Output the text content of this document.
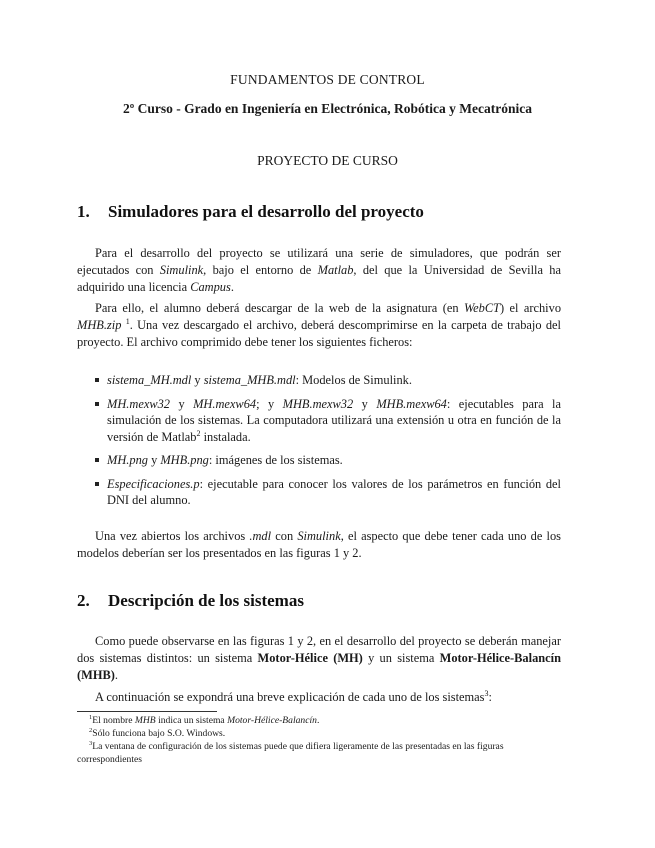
FUNDAMENTOS DE CONTROL
2º Curso - Grado en Ingeniería en Electrónica, Robótica y Mecatrónica
PROYECTO DE CURSO
1. Simuladores para el desarrollo del proyecto

Para el desarrollo del proyecto se utilizará una serie de simuladores, que podrán ser ejecutados con Simulink, bajo el entorno de Matlab, del que la Universidad de Sevilla ha adquirido una licencia Campus.

Para ello, el alumno deberá descargar de la web de la asignatura (en WebCT) el archivo MHB.zip $^1$. Una vez descargado el archivo, deberá descomprimirse en la carpeta de trabajo del proyecto. El archivo comprimido debe tener los siguientes ficheros:

sistema_MH.mdl y sistema_MHB.mdl: Modelos de Simulink.
MH.mexw32 y MH.mexw64; y MHB.mexw32 y MHB.mexw64: ejecutables para la simulación de los sistemas. La computadora utilizará una extensión u otra en función de la versión de Matlab$^2$ instalada.
MH.png y MHB.png: imágenes de los sistemas.
Especificaciones.p: ejecutable para conocer los valores de los parámetros en función del DNI del alumno.

Una vez abiertos los archivos .mdl con Simulink, el aspecto que debe tener cada uno de los modelos deberían ser los presentados en las figuras 1 y 2.

2. Descripción de los sistemas

Como puede observarse en las figuras 1 y 2, en el desarrollo del proyecto se deberán manejar dos sistemas distintos: un sistema Motor-Hélice (MH) y un sistema Motor-Hélice-Balancín (MHB).

A continuación se expondrá una breve explicación de cada uno de los sistemas$^3$:

$^1$El nombre MHB indica un sistema Motor-Hélice-Balancín.
$^2$Sólo funciona bajo S.O. Windows.
$^3$La ventana de configuración de los sistemas puede que difiera ligeramente de las presentadas en las figuras correspondientes
